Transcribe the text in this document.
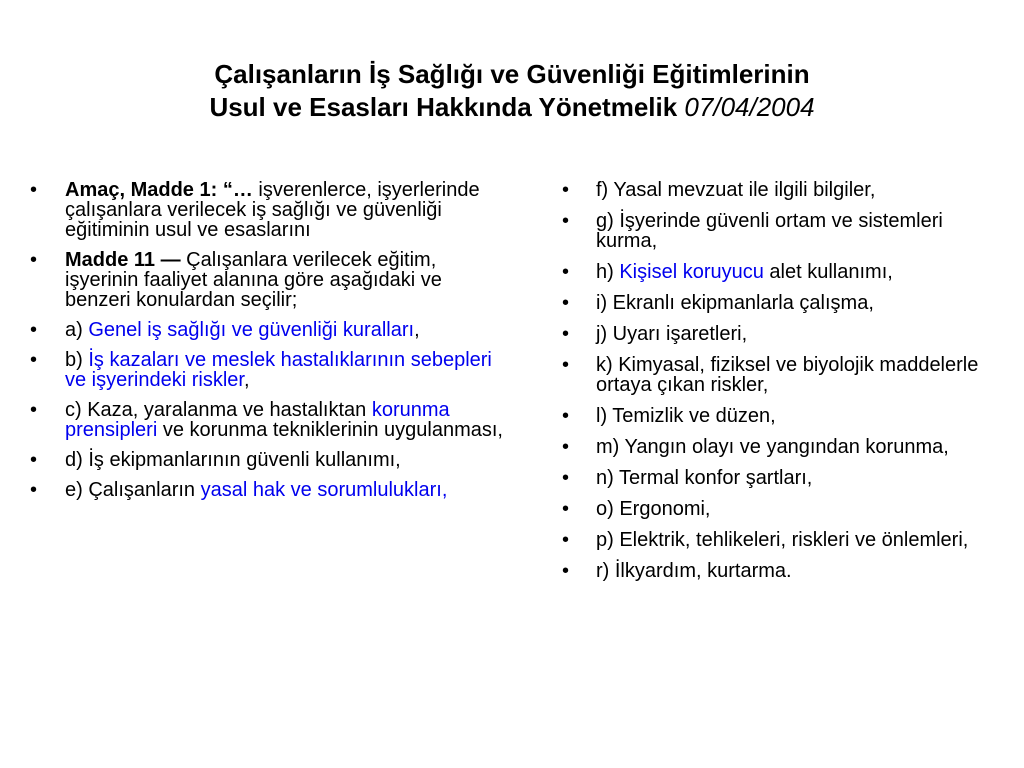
Çalışanların İş Sağlığı ve Güvenliği Eğitimlerinin
Usul ve Esasları Hakkında Yönetmelik 07/04/2004
• Amaç, Madde 1: “… işverenlerce, işyerlerinde çalışanlara verilecek iş sağlığı ve güvenliği eğitiminin usul ve esaslarını
• Madde 11 — Çalışanlara verilecek eğitim, işyerinin faaliyet alanına göre aşağıdaki ve benzeri konulardan seçilir;
• a) Genel iş sağlığı ve güvenliği kuralları,
• b) İş kazaları ve meslek hastalıklarının sebepleri ve işyerindeki riskler,
• c) Kaza, yaralanma ve hastalıktan korunma prensipleri ve korunma tekniklerinin uygulanması,
• d) İş ekipmanlarının güvenli kullanımı,
• e) Çalışanların yasal hak ve sorumlulukları,
• f) Yasal mevzuat ile ilgili bilgiler,
• g) İşyerinde güvenli ortam ve sistemleri kurma,
• h) Kişisel koruyucu alet kullanımı,
• i) Ekranlı ekipmanlarla çalışma,
• j) Uyarı işaretleri,
• k) Kimyasal, fiziksel ve biyolojik maddelerle ortaya çıkan riskler,
• l) Temizlik ve düzen,
• m) Yangın olayı ve yangından korunma,
• n) Termal konfor şartları,
• o) Ergonomi,
• p) Elektrik, tehlikeleri, riskleri ve önlemleri,
• r) İlkyardım, kurtarma.
